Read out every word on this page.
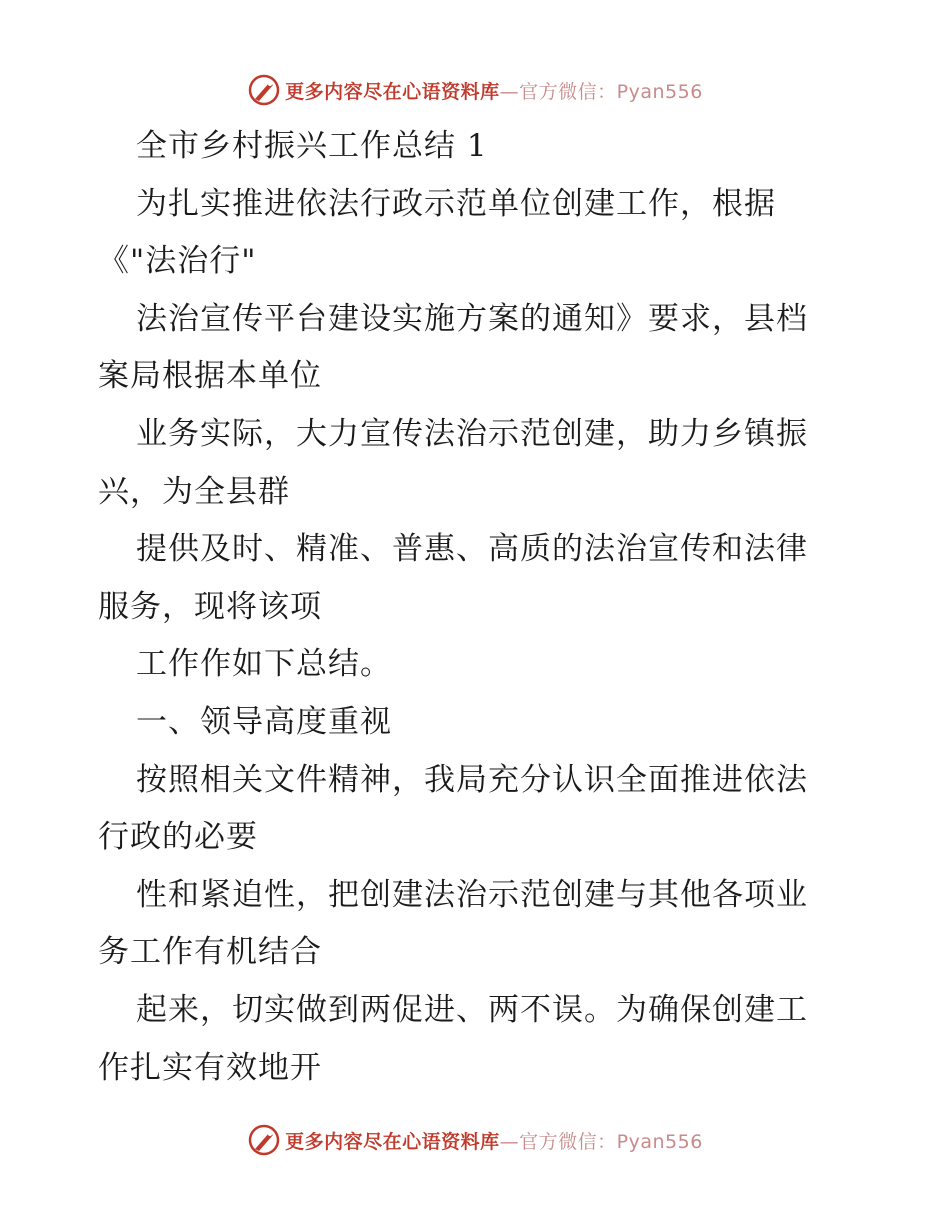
更多内容尽在心语资料库—官方微信：Pyan556
全市乡村振兴工作总结 1
为扎实推进依法行政示范单位创建工作，根据
《"法治行"
法治宣传平台建设实施方案的通知》要求，县档
案局根据本单位
业务实际，大力宣传法治示范创建，助力乡镇振
兴，为全县群
提供及时、精准、普惠、高质的法治宣传和法律
服务，现将该项
工作作如下总结。
一、领导高度重视
按照相关文件精神，我局充分认识全面推进依法
行政的必要
性和紧迫性，把创建法治示范创建与其他各项业
务工作有机结合
起来，切实做到两促进、两不误。为确保创建工
作扎实有效地开
更多内容尽在心语资料库—官方微信：Pyan556
